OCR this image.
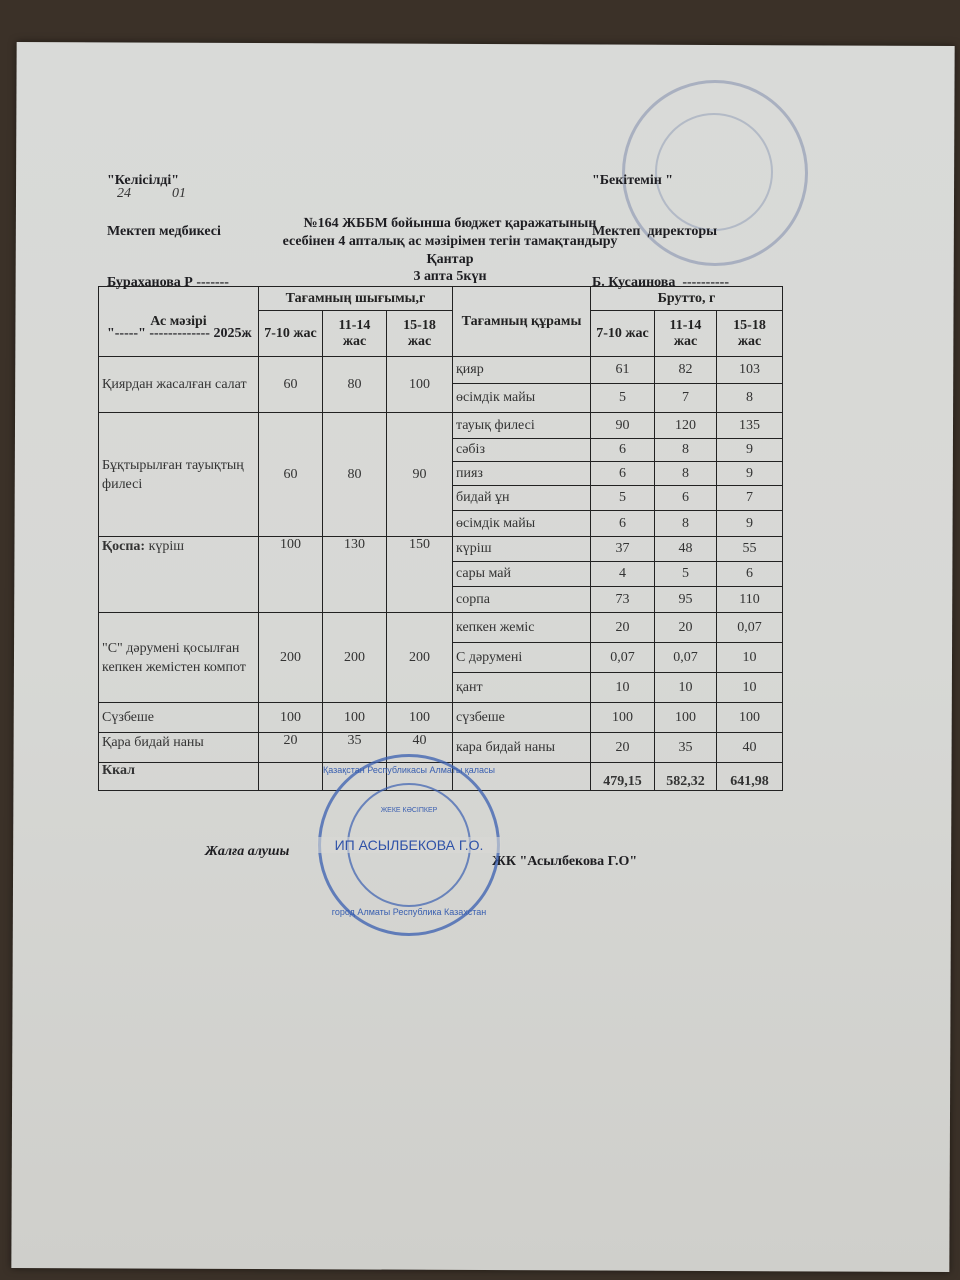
"Келісілді"

Мектеп медбикесі

Бураханова Р -------

"-----" ------------- 2025ж

24	01

"Бекітемін "

Мектеп  директоры

Б. Кусаинова  ----------

№164 ЖББМ бойынша бюджет қаражатының
есебінен 4 апталық ас мәзірімен тегін тамақтандыру
Қантар
3 апта 5күн
Ас мәзірі	Тағамның шығымы,г			Тағамның құрамы	Брутто, г		
	7-10 жас	11-14 жас	15-18 жас		7-10 жас	11-14 жас	15-18 жас
Қиярдан жасалған салат	60	80	100	қияр	61	82	103
				өсімдік майы	5	7	8
Бұқтырылған тауықтың филесі	60	80	90	тауық филесі	90	120	135
				сәбіз	6	8	9
				пияз	6	8	9
				бидай ұн	5	6	7
				өсімдік майы	6	8	9
Қоспа: күріш	100	130	150	күріш	37	48	55
				сары май	4	5	6
				сорпа	73	95	110
"С" дәрумені қосылған кепкен жемістен компот	200	200	200	кепкен жеміс	20	20	0,07
				С дәрумені	0,07	0,07	10
				қант	10	10	10
Сүзбеше	100	100	100	сүзбеше	100	100	100
Қара бидай наны	20	35	40	кара бидай наны	20	35	40
Ккал					479,15	582,32	641,98
Жалға алушы
ЖК "Асылбекова Г.О"
Қазақстан Республикасы Алматы қаласы
ЖЕКЕ КӘСІПКЕР
ИП АСЫЛБЕКОВА Г.О.
город Алматы Республика Казахстан
